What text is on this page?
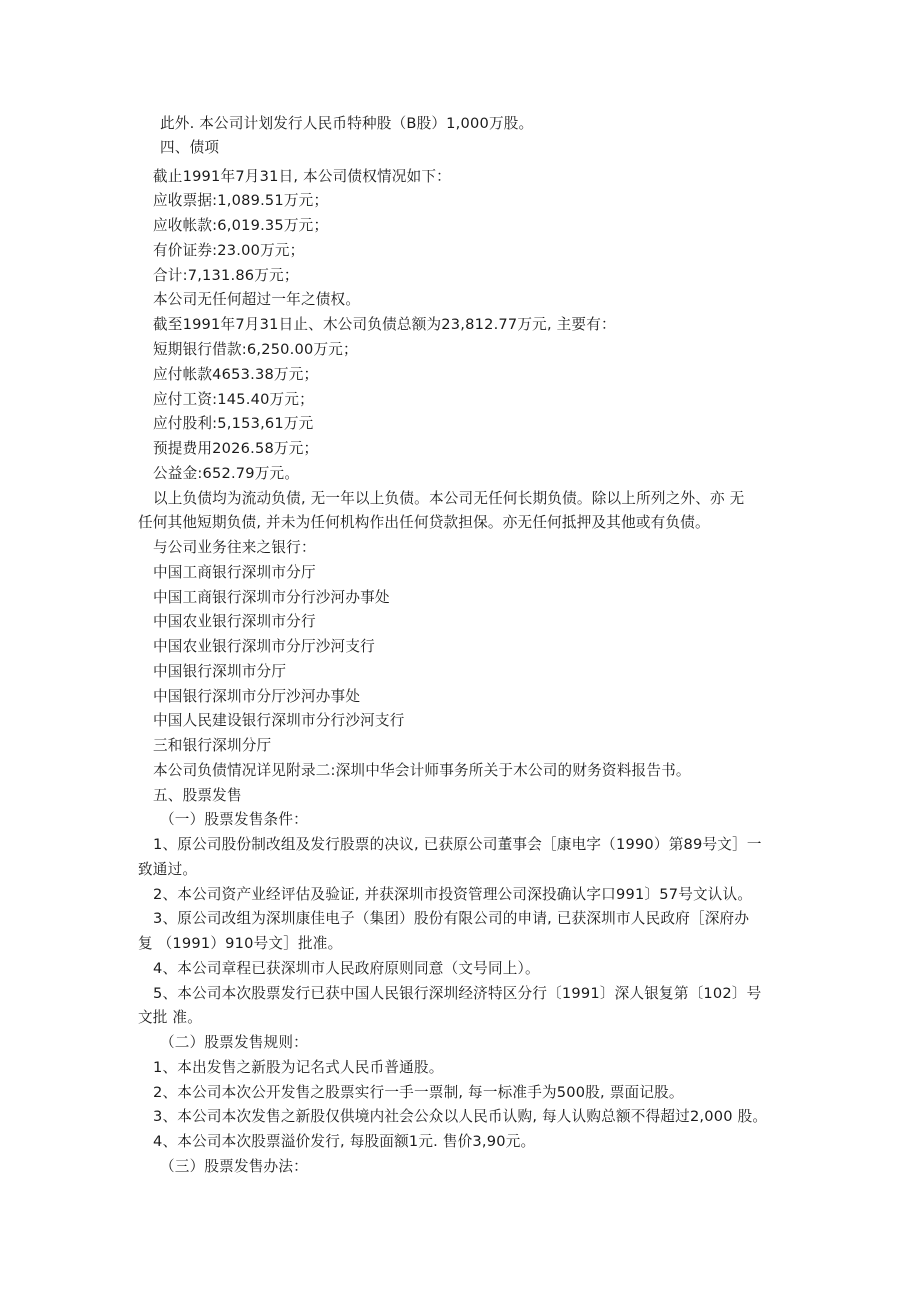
此外. 本公司计划发行人民币特种股（B股）1,000万股。
四、债项
截止1991年7月31日, 本公司债权情况如下：
应收票据:1,089.51万元；
应收帐款:6,019.35万元；
有价证券:23.00万元；
合计:7,131.86万元；
本公司无任何超过一年之债权。
截至1991年7月31日止、木公司负债总额为23,812.77万元, 主要有：
短期银行借款:6,250.00万元；
应付帐款4653.38万元；
应付工资:145.40万元；
应付股利:5,153,61万元
预提费用2026.58万元；
公益金:652.79万元。
以上负债均为流动负债, 无一年以上负债。本公司无任何长期负债。除以上所列之外、亦 无
任何其他短期负债, 并未为任何机构作出任何贷款担保。亦无任何抵押及其他或有负债。
与公司业务往来之银行：
中国工商银行深圳市分厅
中国工商银行深圳市分行沙河办事处
中国农业银行深圳市分行
中国农业银行深圳市分厅沙河支行
中国银行深圳市分厅
中国银行深圳市分厅沙河办事处
中国人民建设银行深圳市分行沙河支行
三和银行深圳分厅
本公司负债情况详见附录二:深圳中华会计师事务所关于木公司的财务资料报告书。
五、股票发售
（一）股票发售条件：
1、原公司股份制改组及发行股票的决议, 已获原公司董事会［康电字（1990）第89号文］一
致通过。
2、本公司资产业经评估及验证, 并获深圳市投资管理公司深投确认字口991〕57号文认认。
3、原公司改组为深圳康佳电子（集团）股份有限公司的申请, 已获深圳市人民政府［深府办
复 （1991）910号文］批准。
4、本公司章程已获深圳市人民政府原则同意（文号同上）。
5、本公司本次股票发行已获中国人民银行深圳经济特区分行〔1991〕深人银复第〔102〕号
文批 准。
（二）股票发售规则：
1、本出发售之新股为记名式人民币普通股。
2、本公司本次公开发售之股票实行一手一票制, 每一标准手为500股, 票面记股。
3、本公司本次发售之新股仅供境内社会公众以人民币认购, 每人认购总额不得超过2,000 股。
4、本公司本次股票溢价发行, 每股面额1元. 售价3,90元。
（三）股票发售办法：
